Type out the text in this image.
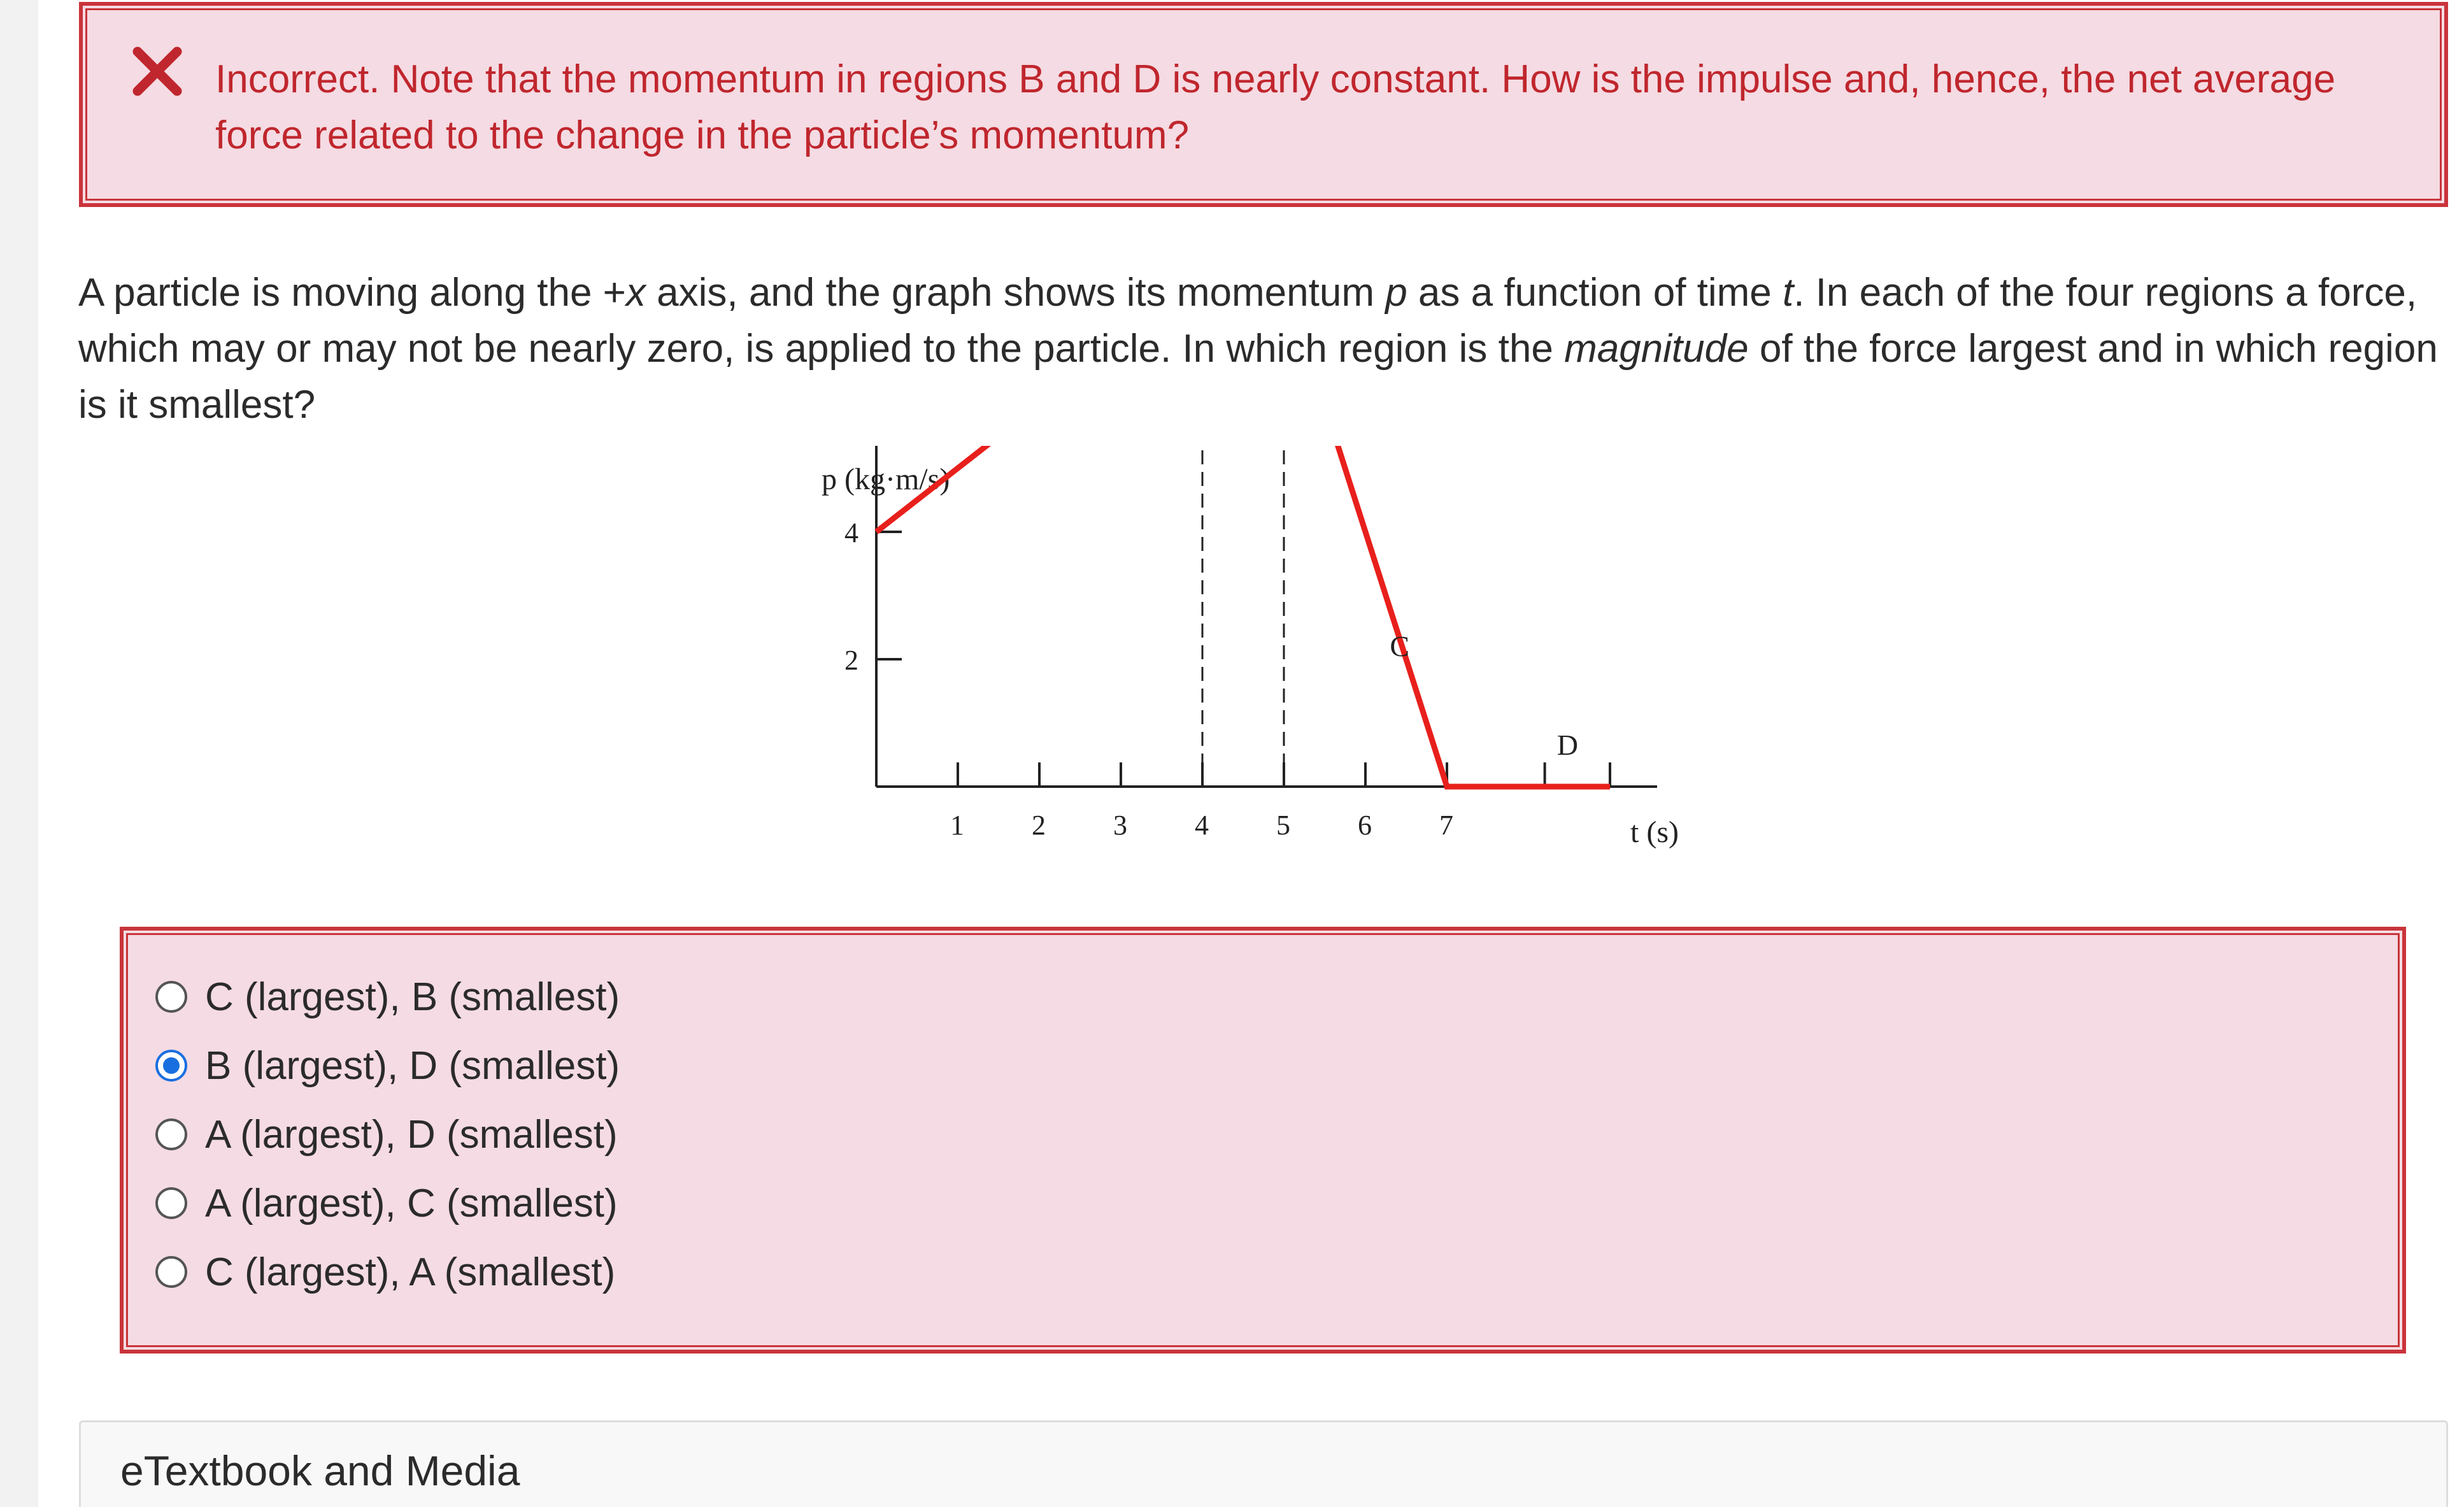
Incorrect. Note that the momentum in regions B and D is nearly constant. How is the impulse and, hence, the net average force related to the change in the particle’s momentum?
A particle is moving along the +x axis, and the graph shows its momentum p as a function of time t. In each of the four regions a force, which may or may not be nearly zero, is applied to the particle. In which region is the magnitude of the force largest and in which region is it smallest?
p (kg·m/s)
t (s)
2
4
1 2 3 4 5 6 7
C
D
C (largest), B (smallest)
B (largest), D (smallest)
A (largest), D (smallest)
A (largest), C (smallest)
C (largest), A (smallest)
eTextbook and Media
